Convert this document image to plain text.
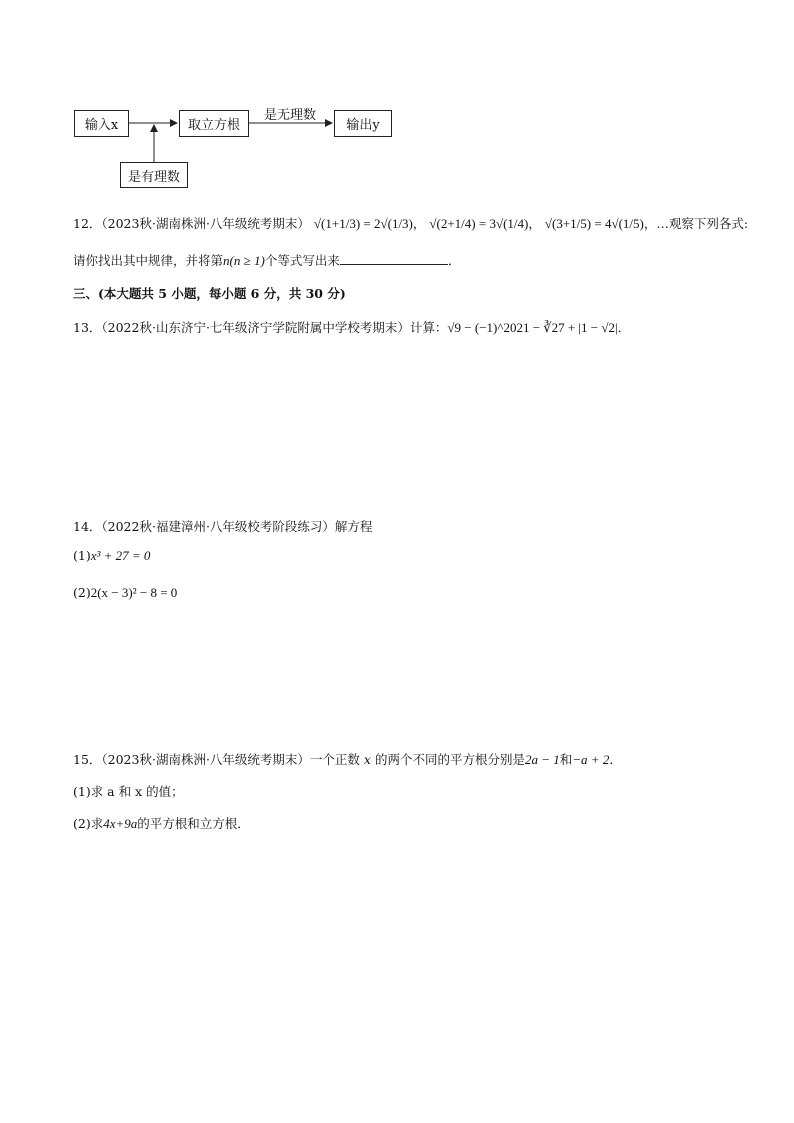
输入x	取立方根	输出y
是有理数
是无理数
12．（2023秋·湖南株洲·八年级统考期末） √(1+1/3) = 2√(1/3)， √(2+1/4) = 3√(1/4)， √(3+1/5) = 4√(1/5)，…观察下列各式:
请你找出其中规律，并将第n(n ≥ 1)个等式写出来	．
三、(本大题共 5 小题，每小题 6 分，共 30 分)
13．（2022秋·山东济宁·七年级济宁学院附属中学校考期末）计算：√9 − (−1)^2021 − ∛27 + |1 − √2|．
14．（2022秋·福建漳州·八年级校考阶段练习）解方程
(1)x³ + 27 = 0
(2)2(x − 3)² − 8 = 0
15．（2023秋·湖南株洲·八年级统考期末）一个正数 x 的两个不同的平方根分别是2a − 1和−a + 2．
(1)求 a 和 x 的值；
(2)求4x+9a的平方根和立方根．
